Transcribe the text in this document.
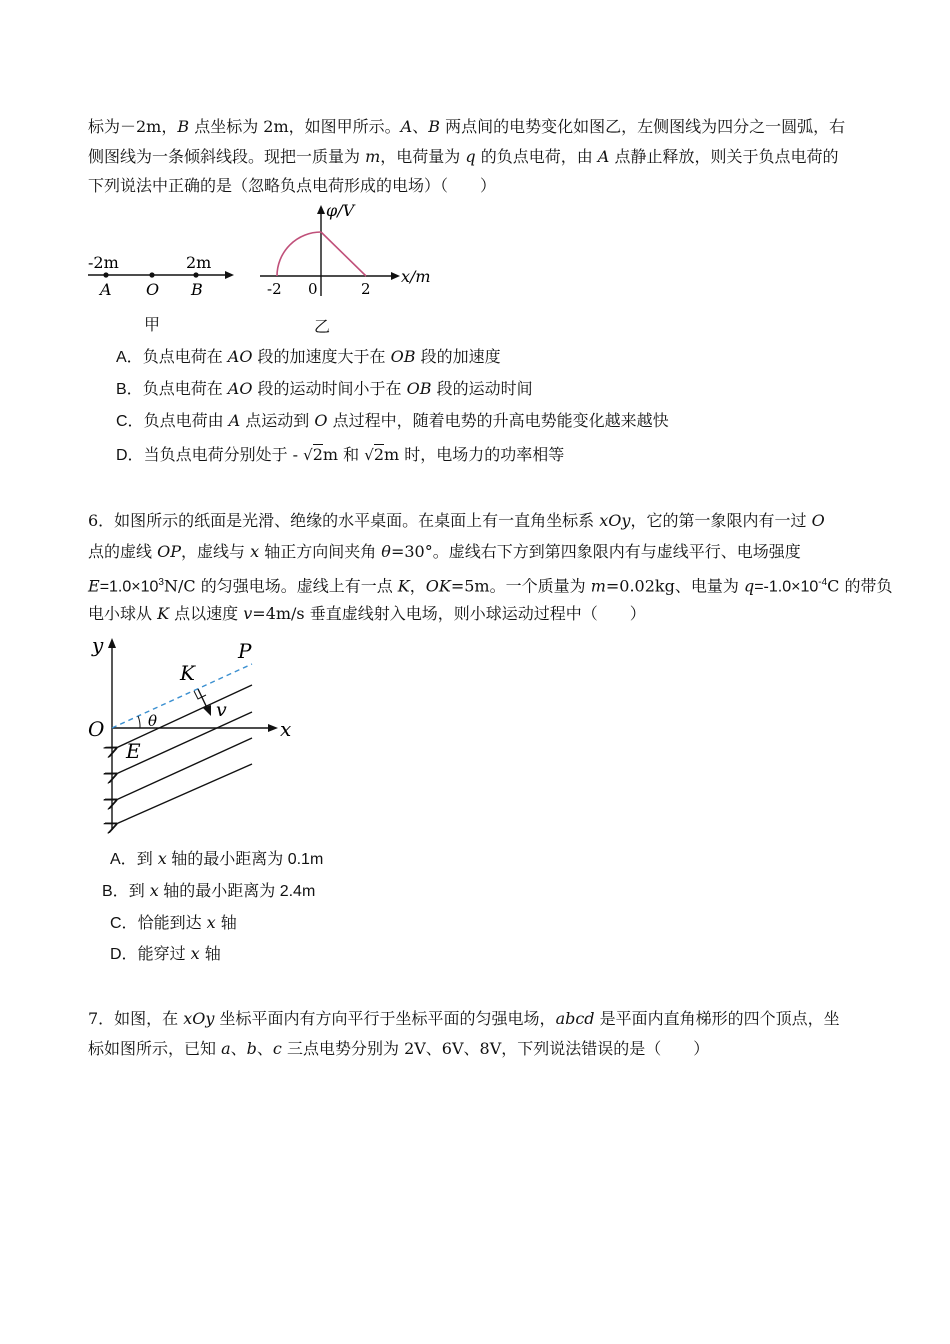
标为－2m，B 点坐标为 2m，如图甲所示。A、B 两点间的电势变化如图乙，左侧图线为四分之一圆弧，右
侧图线为一条倾斜线段。现把一质量为 m，电荷量为 q 的负点电荷，由 A 点静止释放，则关于负点电荷的
下列说法中正确的是（忽略负点电荷形成的电场）（　　）
-2m	2m
A O B
甲
φ/V
x/m
-2 0	2
乙
A．负点电荷在 AO 段的加速度大于在 OB 段的加速度
B．负点电荷在 AO 段的运动时间小于在 OB 段的运动时间
C．负点电荷由 A 点运动到 O 点过程中，随着电势的升高电势能变化越来越快
D．当负点电荷分别处于 - √2m 和 √2m 时，电场力的功率相等
6．如图所示的纸面是光滑、绝缘的水平桌面。在桌面上有一直角坐标系 xOy，它的第一象限内有一过 O
点的虚线 OP，虚线与 x 轴正方向间夹角 θ=30°。虚线右下方到第四象限内有与虚线平行、电场强度
$E=1.0\times 10^3N/C$ 的匀强电场。虚线上有一点 K，OK=5m。一个质量为 m=0.02kg、电量为 $q=-1.0\times 10^{-4}C$ 的带负
电小球从 K 点以速度 v=4m/s 垂直虚线射入电场，则小球运动过程中（　　）
y	P
K
v
O	θ	x
E
A．到 x 轴的最小距离为 0.1m
B．到 x 轴的最小距离为 2.4m
C．恰能到达 x 轴
D．能穿过 x 轴
7．如图，在 xOy 坐标平面内有方向平行于坐标平面的匀强电场，abcd 是平面内直角梯形的四个顶点，坐
标如图所示，已知 a、b、c 三点电势分别为 2V、6V、8V，下列说法错误的是（　　）
